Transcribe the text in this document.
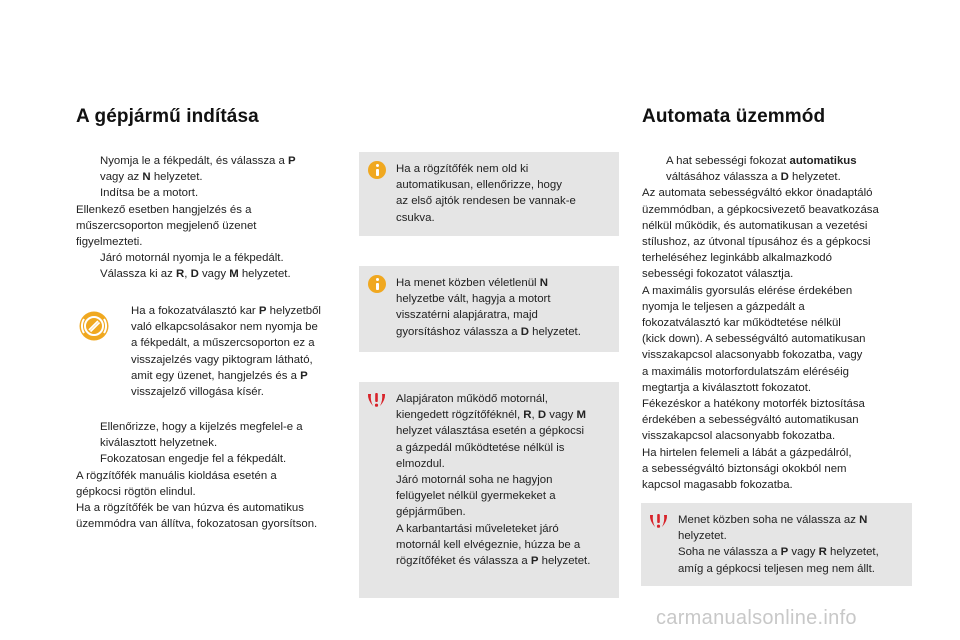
A gépjármű indítása
Nyomja le a fékpedált, és válassza a P
vagy az N helyzetet.
Indítsa be a motort.
Ellenkező esetben hangjelzés és a
műszercsoporton megjelenő üzenet
figyelmezteti.
Járó motornál nyomja le a fékpedált.
Válassza ki az R, D vagy M helyzetet.
Ha a fokozatválasztó kar P helyzetből
való elkapcsolásakor nem nyomja be
a fékpedált, a műszercsoporton ez a
visszajelzés vagy piktogram látható,
amit egy üzenet, hangjelzés és a P
visszajelző villogása kísér.
Ellenőrizze, hogy a kijelzés megfelel-e a
kiválasztott helyzetnek.
Fokozatosan engedje fel a fékpedált.
A rögzítőfék manuális kioldása esetén a
gépkocsi rögtön elindul.
Ha a rögzítőfék be van húzva és automatikus
üzemmódra van állítva, fokozatosan gyorsítson.
Ha a rögzítőfék nem old ki
automatikusan, ellenőrizze, hogy
az első ajtók rendesen be vannak-e
csukva.
Ha menet közben véletlenül N
helyzetbe vált, hagyja a motort
visszatérni alapjáratra, majd
gyorsításhoz válassza a D helyzetet.
Alapjáraton működő motornál,
kiengedett rögzítőféknél, R, D vagy M
helyzet választása esetén a gépkocsi
a gázpedál működtetése nélkül is
elmozdul.
Járó motornál soha ne hagyjon
felügyelet nélkül gyermekeket a
gépjárműben.
A karbantartási műveleteket járó
motornál kell elvégeznie, húzza be a
rögzítőféket és válassza a P helyzetet.
Automata üzemmód
A hat sebességi fokozat automatikus
váltásához válassza a D helyzetet.
Az automata sebességváltó ekkor önadaptáló
üzemmódban, a gépkocsivezető beavatkozása
nélkül működik, és automatikusan a vezetési
stílushoz, az útvonal típusához és a gépkocsi
terheléséhez leginkább alkalmazkodó
sebességi fokozatot választja.
A maximális gyorsulás elérése érdekében
nyomja le teljesen a gázpedált a
fokozatválasztó kar működtetése nélkül
(kick down). A sebességváltó automatikusan
visszakapcsol alacsonyabb fokozatba, vagy
a maximális motorfordulatszám eléréséig
megtartja a kiválasztott fokozatot.
Fékezéskor a hatékony motorfék biztosítása
érdekében a sebességváltó automatikusan
visszakapcsol alacsonyabb fokozatba.
Ha hirtelen felemeli a lábát a gázpedálról,
a sebességváltó biztonsági okokból nem
kapcsol magasabb fokozatba.
Menet közben soha ne válassza az N
helyzetet.
Soha ne válassza a P vagy R helyzetet,
amíg a gépkocsi teljesen meg nem állt.
carmanualsonline.info
